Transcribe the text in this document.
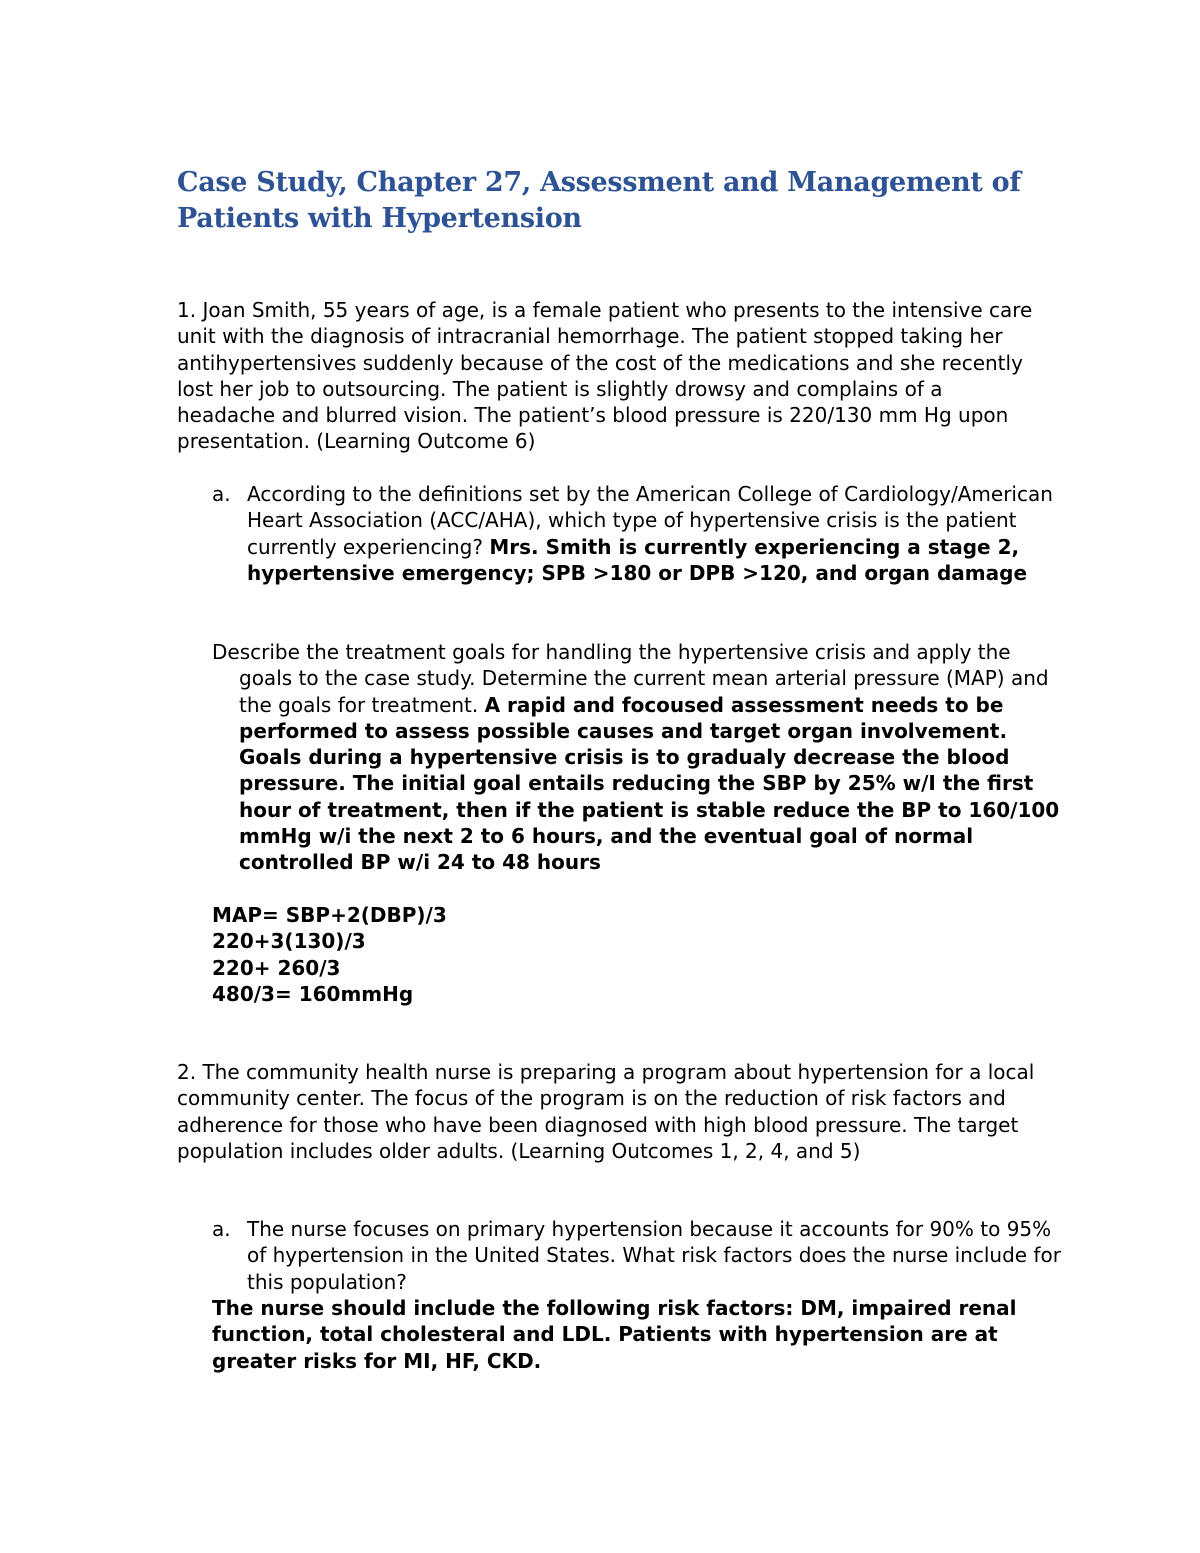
Case Study, Chapter 27, Assessment and Management of Patients with Hypertension

1. Joan Smith, 55 years of age, is a female patient who presents to the intensive care unit with the diagnosis of intracranial hemorrhage. The patient stopped taking her antihypertensives suddenly because of the cost of the medications and she recently lost her job to outsourcing. The patient is slightly drowsy and complains of a headache and blurred vision. The patient’s blood pressure is 220/130 mm Hg upon presentation. (Learning Outcome 6)

a. According to the definitions set by the American College of Cardiology/American Heart Association (ACC/AHA), which type of hypertensive crisis is the patient currently experiencing? Mrs. Smith is currently experiencing a stage 2, hypertensive emergency; SPB >180 or DPB >120, and organ damage

Describe the treatment goals for handling the hypertensive crisis and apply the goals to the case study. Determine the current mean arterial pressure (MAP) and the goals for treatment. A rapid and focoused assessment needs to be performed to assess possible causes and target organ involvement. Goals during a hypertensive crisis is to gradualy decrease the blood pressure. The initial goal entails reducing the SBP by 25% w/I the first hour of treatment, then if the patient is stable reduce the BP to 160/100 mmHg w/i the next 2 to 6 hours, and the eventual goal of normal controlled BP w/i 24 to 48 hours

MAP= SBP+2(DBP)/3

220+3(130)/3

220+ 260/3

480/3= 160mmHg

2. The community health nurse is preparing a program about hypertension for a local community center. The focus of the program is on the reduction of risk factors and adherence for those who have been diagnosed with high blood pressure. The target population includes older adults. (Learning Outcomes 1, 2, 4, and 5)

a. The nurse focuses on primary hypertension because it accounts for 90% to 95% of hypertension in the United States. What risk factors does the nurse include for this population?

The nurse should include the following risk factors: DM, impaired renal function, total cholesteral and LDL. Patients with hypertension are at greater risks for MI, HF, CKD.
